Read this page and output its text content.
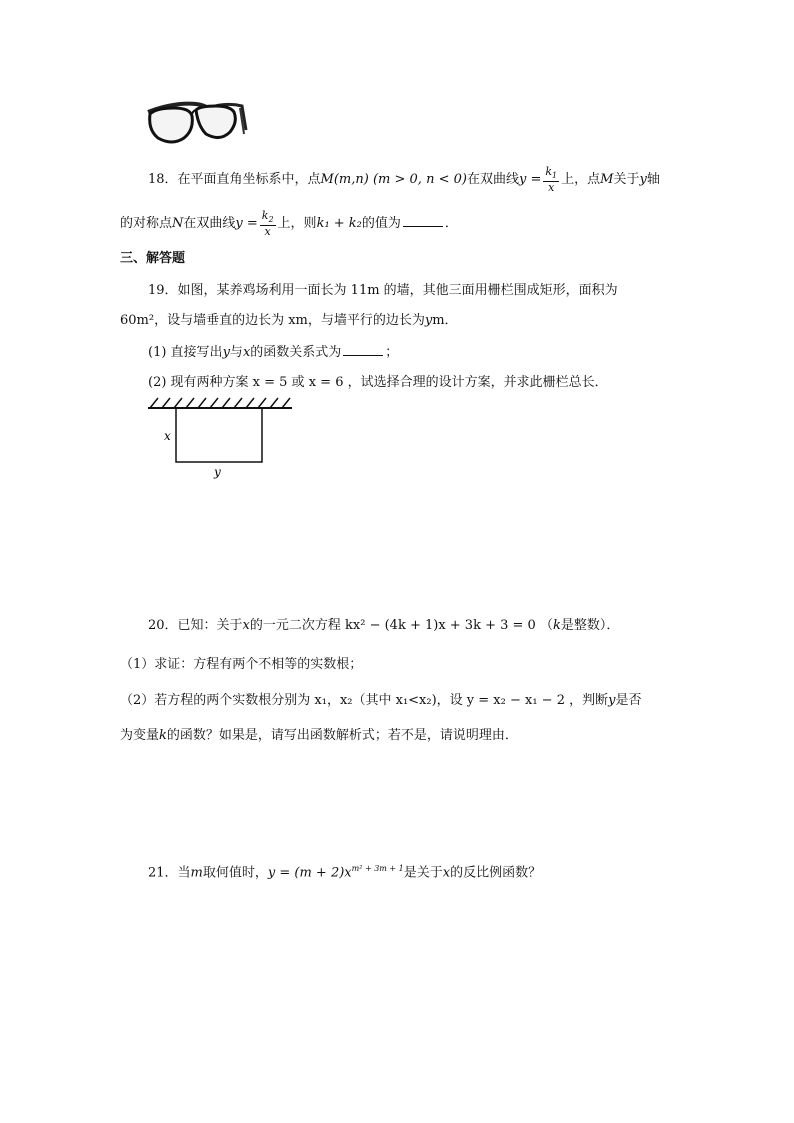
18．在平面直角坐标系中，点M(m,n) (m > 0, n < 0)在双曲线$y = \frac{k_1}{x}$ 上，点M关于y轴
的对称点N在双曲线$y = \frac{k_2}{x}$ 上，则k₁ + k₂的值为	．
三、解答题
19．如图，某养鸡场利用一面长为 11m 的墙，其他三面用栅栏围成矩形，面积为
60m²，设与墙垂直的边长为 xm，与墙平行的边长为ym．
(1) 直接写出y与x的函数关系式为	；
(2) 现有两种方案 x = 5 或 x = 6 ，试选择合理的设计方案，并求此栅栏总长．
x
y
20．已知：关于x的一元二次方程 kx² − (4k + 1)x + 3k + 3 = 0 （k是整数）．
（1）求证：方程有两个不相等的实数根；
（2）若方程的两个实数根分别为 x₁，x₂（其中 x₁<x₂)，设 y = x₂ − x₁ − 2 ，判断y是否
为变量k的函数？如果是，请写出函数解析式；若不是，请说明理由．
21．当m取何值时，$y = (m + 2)x^{m^2 + 3m + 1}$是关于x的反比例函数？
